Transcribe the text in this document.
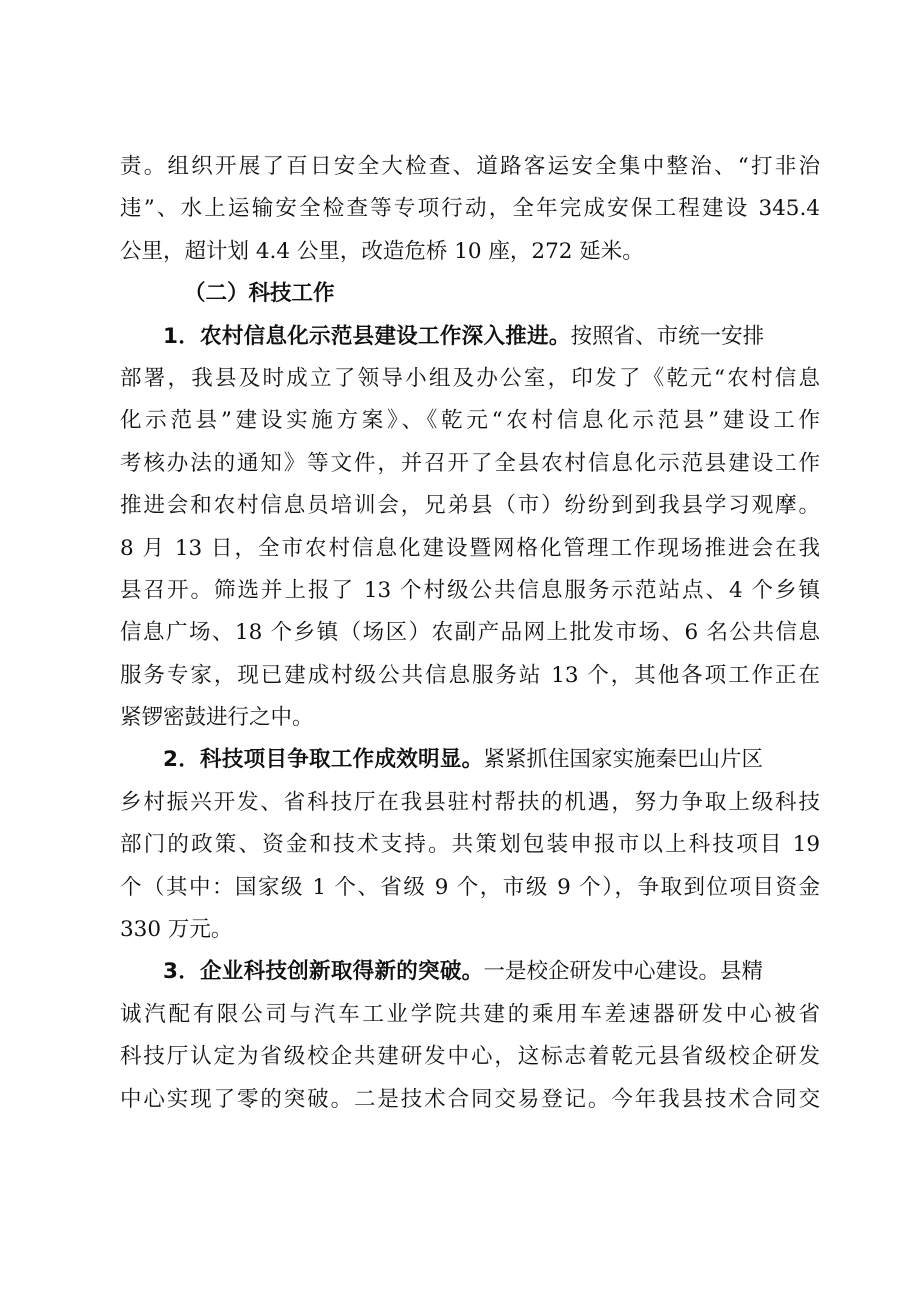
责。组织开展了百日安全大检查、道路客运安全集中整治、“打非治
违”、水上运输安全检查等专项行动，全年完成安保工程建设 345.4
公里，超计划 4.4 公里，改造危桥 10 座，272 延米。
（二）科技工作
1．农村信息化示范县建设工作深入推进。按照省、市统一安排
部署，我县及时成立了领导小组及办公室，印发了《乾元“农村信息
化示范县”建设实施方案》、《乾元“农村信息化示范县”建设工作
考核办法的通知》等文件，并召开了全县农村信息化示范县建设工作
推进会和农村信息员培训会，兄弟县（市）纷纷到到我县学习观摩。
8 月 13 日，全市农村信息化建设暨网格化管理工作现场推进会在我
县召开。筛选并上报了 13 个村级公共信息服务示范站点、4 个乡镇
信息广场、18 个乡镇（场区）农副产品网上批发市场、6 名公共信息
服务专家，现已建成村级公共信息服务站 13 个，其他各项工作正在
紧锣密鼓进行之中。
2．科技项目争取工作成效明显。紧紧抓住国家实施秦巴山片区
乡村振兴开发、省科技厅在我县驻村帮扶的机遇，努力争取上级科技
部门的政策、资金和技术支持。共策划包装申报市以上科技项目 19
个（其中：国家级 1 个、省级 9 个，市级 9 个），争取到位项目资金
330 万元。
3．企业科技创新取得新的突破。一是校企研发中心建设。县精
诚汽配有限公司与汽车工业学院共建的乘用车差速器研发中心被省
科技厅认定为省级校企共建研发中心，这标志着乾元县省级校企研发
中心实现了零的突破。二是技术合同交易登记。今年我县技术合同交
